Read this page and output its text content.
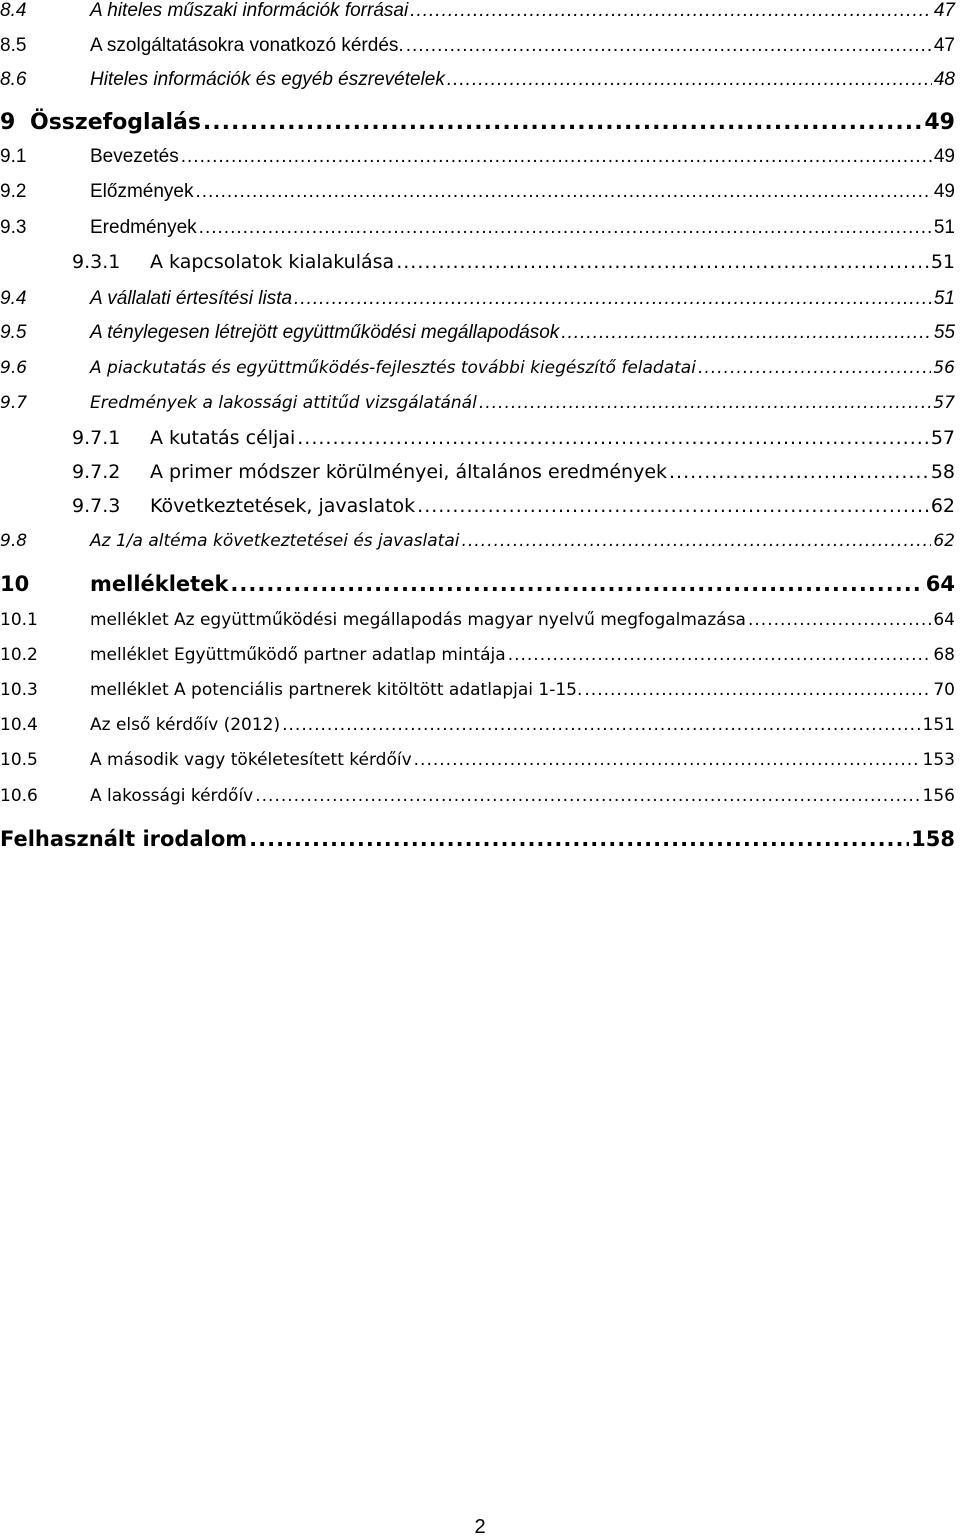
8.4	A hiteles műszaki információk forrásai .....	47
8.5	A szolgáltatásokra vonatkozó kérdés. .....	47
8.6	Hiteles információk és egyéb észrevételek .....	48
9 Összefoglalás .....	49
9.1	Bevezetés .....	49
9.2	Előzmények .....	49
9.3	Eredmények .....	51
9.3.1	A kapcsolatok kialakulása .....	51
9.4	A vállalati értesítési lista .....	51
9.5	A ténylegesen létrejött együttműködési megállapodások .....	55
9.6	A piackutatás és együttműködés-fejlesztés további kiegészítő feladatai .....	56
9.7	Eredmények a lakossági attitűd vizsgálatánál .....	57
9.7.1	A kutatás céljai .....	57
9.7.2	A primer módszer körülményei, általános eredmények .....	58
9.7.3	Következtetések, javaslatok .....	62
9.8	Az 1/a altéma következtetései és javaslatai .....	62
10	mellékletek .....	64
10.1	melléklet Az együttműködési megállapodás magyar nyelvű megfogalmazása .....	64
10.2	melléklet Együttműködő partner adatlap mintája .....	68
10.3	melléklet A potenciális partnerek kitöltött adatlapjai 1-15. .....	70
10.4	Az első kérdőív (2012) .....	151
10.5	A második vagy tökéletesített kérdőív .....	153
10.6	A lakossági kérdőív .....	156
Felhasznált irodalom .....	158
2
